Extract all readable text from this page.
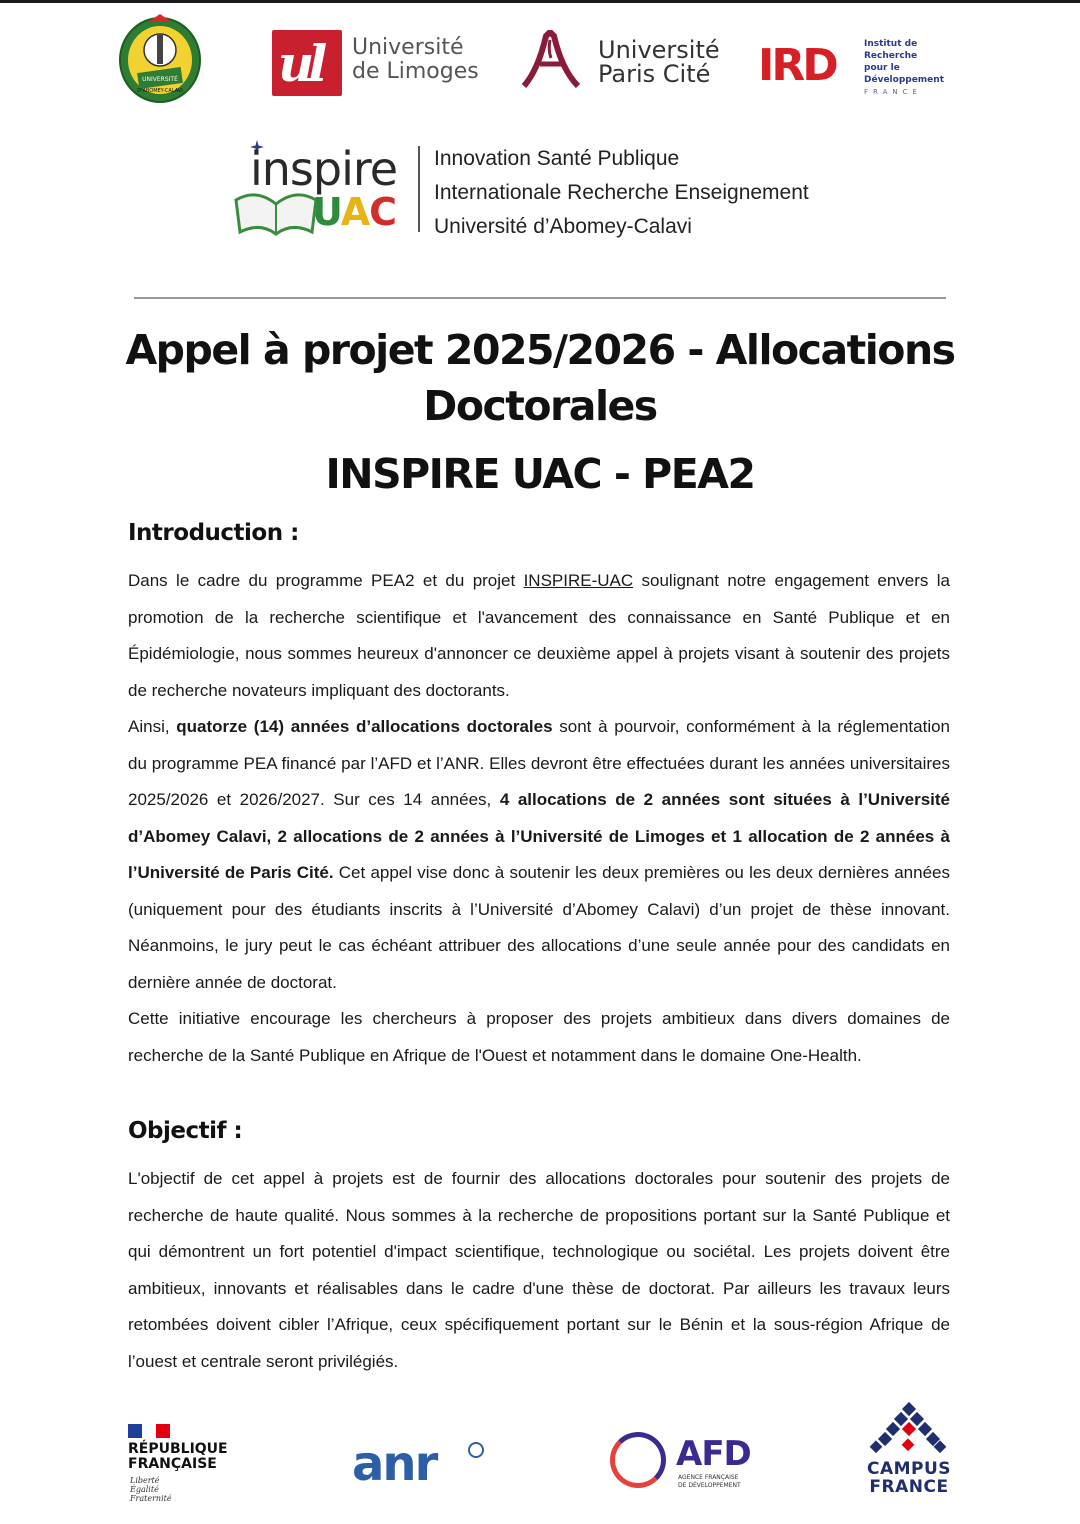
UNIVERSITÉ
D'ABOMEY-CALAVI ul Université
de Limoges
Université
Paris Cité IRD	Institut de Recherche
pour le Développement
FRANCE
inspire
UAC
Innovation Santé Publique
Internationale Recherche Enseignement
Université d’Abomey-Calavi
Appel à projet 2025/2026 - Allocations
Doctorales
INSPIRE UAC - PEA2
Introduction :

Dans le cadre du programme PEA2 et du projet INSPIRE-UAC soulignant notre engagement envers la promotion de la recherche scientifique et l'avancement des connaissance en Santé Publique et en Épidémiologie, nous sommes heureux d'annoncer ce deuxième appel à projets visant à soutenir des projets de recherche novateurs impliquant des doctorants.

Ainsi, quatorze (14) années d’allocations doctorales sont à pourvoir, conformément à la réglementation du programme PEA financé par l’AFD et l’ANR. Elles devront être effectuées durant les années universitaires 2025/2026 et 2026/2027. Sur ces 14 années, 4 allocations de 2 années sont situées à l’Université d’Abomey Calavi, 2 allocations de 2 années à l’Université de Limoges et 1 allocation de 2 années à l’Université de Paris Cité. Cet appel vise donc à soutenir les deux premières ou les deux dernières années (uniquement pour des étudiants inscrits à l’Université d’Abomey Calavi) d’un projet de thèse innovant. Néanmoins, le jury peut le cas échéant attribuer des allocations d’une seule année pour des candidats en dernière année de doctorat.

Cette initiative encourage les chercheurs à proposer des projets ambitieux dans divers domaines de recherche de la Santé Publique en Afrique de l'Ouest et notamment dans le domaine One-Health.

Objectif :

L'objectif de cet appel à projets est de fournir des allocations doctorales pour soutenir des projets de recherche de haute qualité. Nous sommes à la recherche de propositions portant sur la Santé Publique et qui démontrent un fort potentiel d'impact scientifique, technologique ou sociétal. Les projets doivent être ambitieux, innovants et réalisables dans le cadre d'une thèse de doctorat. Par ailleurs les travaux leurs retombées doivent cibler l’Afrique, ceux spécifiquement portant sur le Bénin et la sous-région Afrique de l’ouest et centrale seront privilégiés.

RÉPUBLIQUE
FRANÇAISE
Liberté
Égalité
Fraternité
anr	AFD
AGENCE FRANÇAISE
DE DÉVELOPPEMENT
CAMPUS
FRANCE
